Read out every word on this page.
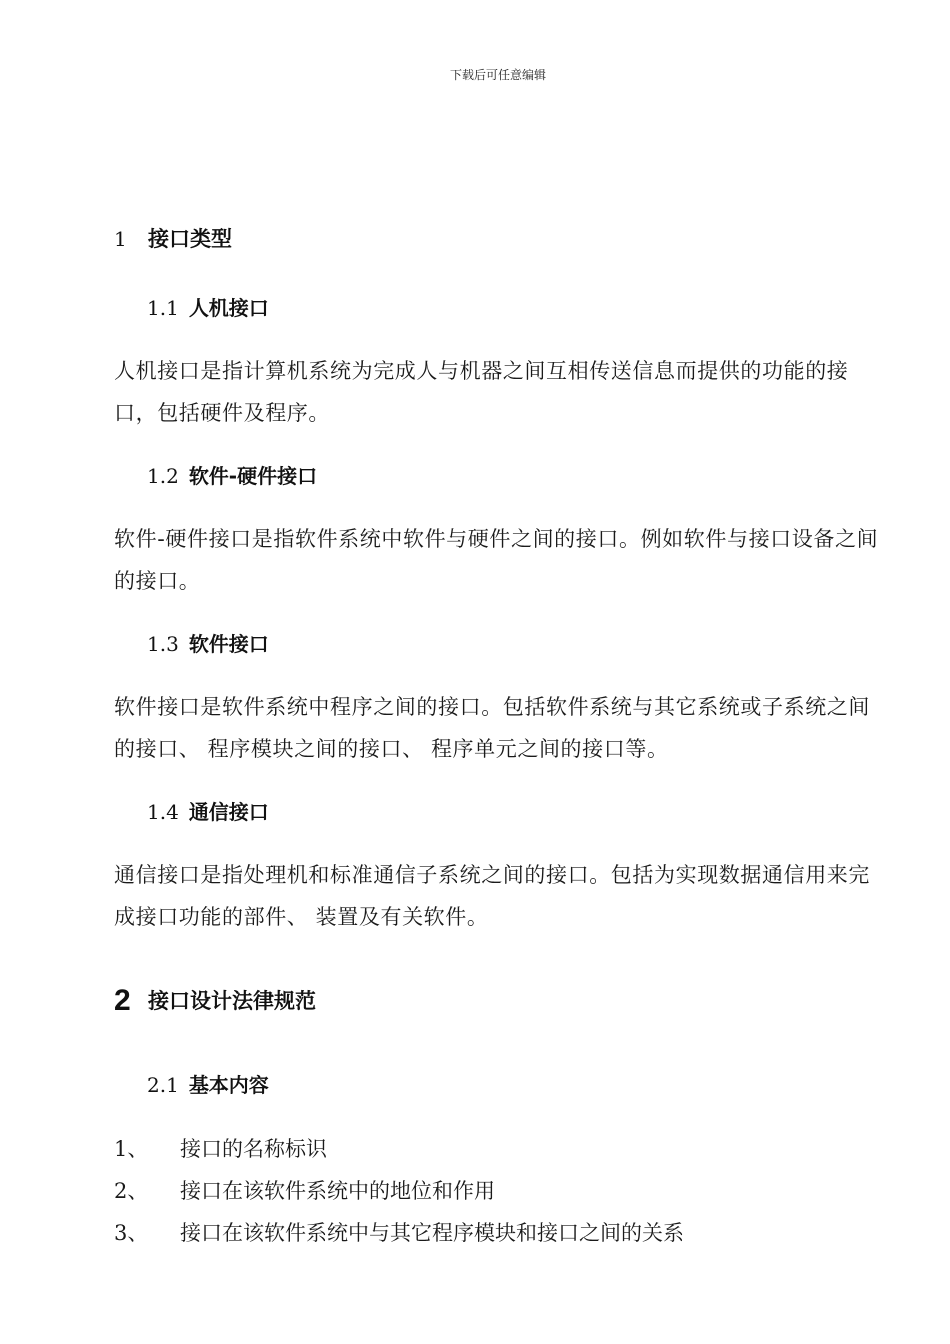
下载后可任意编辑
1 接口类型
1.1 人机接口
人机接口是指计算机系统为完成人与机器之间互相传送信息而提供的功能的接口，包括硬件及程序。
1.2 软件-硬件接口
软件-硬件接口是指软件系统中软件与硬件之间的接口。例如软件与接口设备之间的接口。
1.3 软件接口
软件接口是软件系统中程序之间的接口。包括软件系统与其它系统或子系统之间的接口、 程序模块之间的接口、 程序单元之间的接口等。
1.4 通信接口
通信接口是指处理机和标准通信子系统之间的接口。包括为实现数据通信用来完成接口功能的部件、 装置及有关软件。
2 接口设计法律规范
2.1 基本内容
1、 接口的名称标识
2、 接口在该软件系统中的地位和作用
3、 接口在该软件系统中与其它程序模块和接口之间的关系
